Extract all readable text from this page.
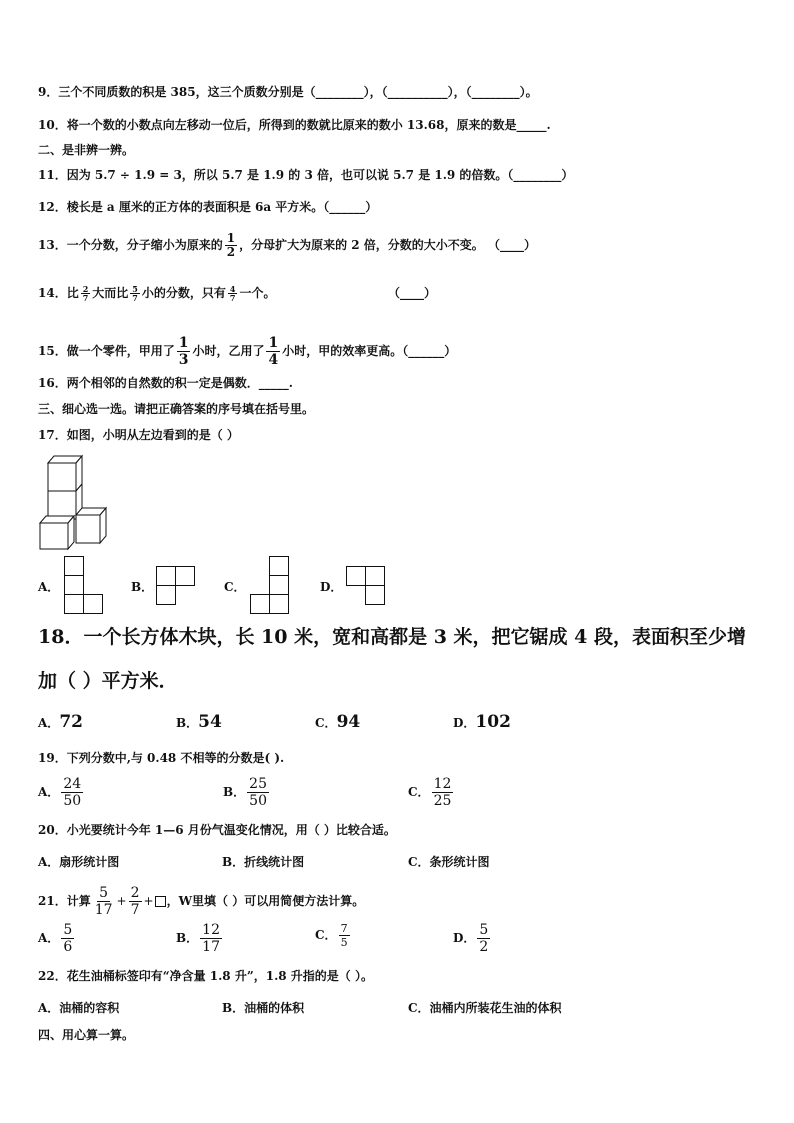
9．三个不同质数的积是 385，这三个质数分别是（________），（__________），（________）。
10．将一个数的小数点向左移动一位后，所得到的数就比原来的数小 13.68，原来的数是_____.
二、是非辨一辨。
11．因为 5.7 ÷ 1.9 = 3，所以 5.7 是 1.9 的 3 倍，也可以说 5.7 是 1.9 的倍数。（________）
12．棱长是 a 厘米的正方体的表面积是 6a 平方米。（______）
13．一个分数，分子缩小为原来的 $\frac{1}{2}$ ，分母扩大为原来的 2 倍，分数的大小不变。 （____）
14．比 $\frac{2}{7}$ 大而比 $\frac{5}{7}$ 小的分数，只有 $\frac{4}{7}$ 一个。	（____）
15．做一个零件，甲用了 $\frac{1}{3}$ 小时，乙用了 $\frac{1}{4}$ 小时，甲的效率更高。（______）
16．两个相邻的自然数的积一定是偶数．_____.
三、细心选一选。请把正确答案的序号填在括号里。
17．如图，小明从左边看到的是（ ）
A．	B．	C．	D．
18．一个长方体木块，长 10 米，宽和高都是 3 米，把它锯成 4 段，表面积至少增
加（ ）平方米．
A．72	B．54	C．94	D．102
19．下列分数中,与 0.48 不相等的分数是( ).
A． $\frac{24}{50}$	B． $\frac{25}{50}$	C． $\frac{12}{25}$
20．小光要统计今年 1—6 月份气温变化情况，用（ ）比较合适。
A．扇形统计图	B．折线统计图	C．条形统计图
21．计算 $\frac{5}{17} + \frac{2}{7}$ + ，W里填（ ）可以用简便方法计算。
A． $\frac{5}{6}$	B． $\frac{12}{17}$	C． $\frac{7}{5}$	D． $\frac{5}{2}$
22．花生油桶标签印有“净含量 1.8 升”，1.8 升指的是（ ）。
A．油桶的容积	B．油桶的体积	C．油桶内所装花生油的体积
四、用心算一算。
